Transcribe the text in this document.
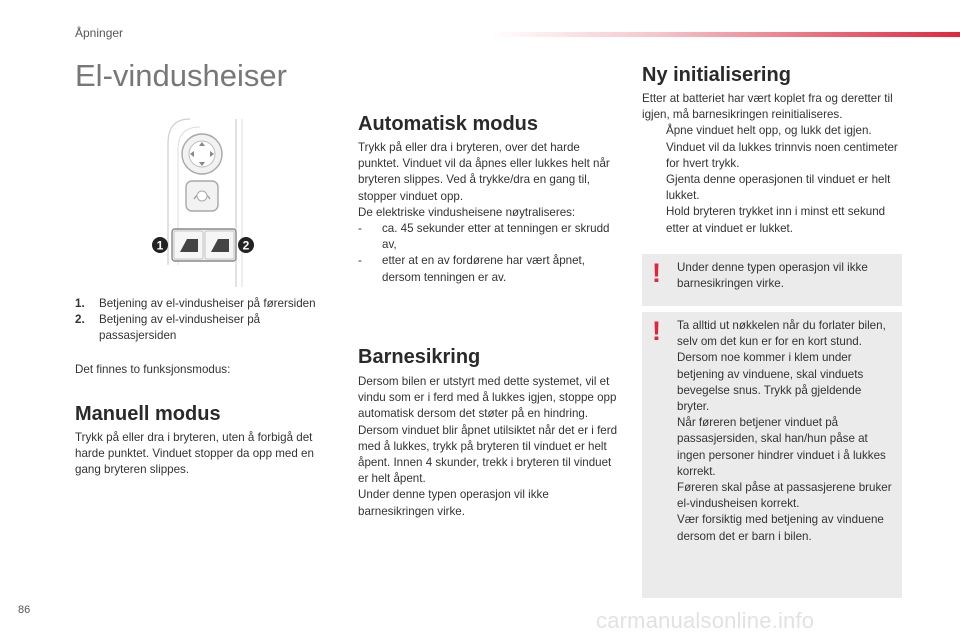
Åpninger
El-vindusheiser
1	2
1.	Betjening av el-vindusheiser på førersiden
2.	Betjening av el-vindusheiser på passasjersiden
Det finnes to funksjonsmodus:
Manuell modus
Trykk på eller dra i bryteren, uten å forbigå det harde punktet. Vinduet stopper da opp med en gang bryteren slippes.
Automatisk modus

Trykk på eller dra i bryteren, over det harde punktet. Vinduet vil da åpnes eller lukkes helt når bryteren slippes. Ved å trykke/dra en gang til, stopper vinduet opp.

De elektriske vindusheisene nøytraliseres:

-	ca. 45 sekunder etter at tenningen er skrudd av,
-	etter at en av fordørene har vært åpnet, dersom tenningen er av.
Barnesikring

Dersom bilen er utstyrt med dette systemet, vil et vindu som er i ferd med å lukkes igjen, stoppe opp automatisk dersom det støter på en hindring.

Dersom vinduet blir åpnet utilsiktet når det er i ferd med å lukkes, trykk på bryteren til vinduet er helt åpent. Innen 4 skunder, trekk i bryteren til vinduet er helt åpent.

Under denne typen operasjon vil ikke barnesikringen virke.

Ny initialisering

Etter at batteriet har vært koplet fra og deretter til igjen, må barnesikringen reinitialiseres.

Åpne vinduet helt opp, og lukk det igjen. Vinduet vil da lukkes trinnvis noen centimeter for hvert trykk.
Gjenta denne operasjonen til vinduet er helt lukket.
Hold bryteren trykket inn i minst ett sekund etter at vinduet er lukket.
! Under denne typen operasjon vil ikke barnesikringen virke.
! Ta alltid ut nøkkelen når du forlater bilen, selv om det kun er for en kort stund.

Dersom noe kommer i klem under betjening av vinduene, skal vinduets bevegelse snus. Trykk på gjeldende bryter.

Når føreren betjener vinduet på passasjersiden, skal han/hun påse at ingen personer hindrer vinduet i å lukkes korrekt.

Føreren skal påse at passasjerene bruker el-vindusheisen korrekt.

Vær forsiktig med betjening av vinduene dersom det er barn i bilen.

86	carmanualsonline.info
